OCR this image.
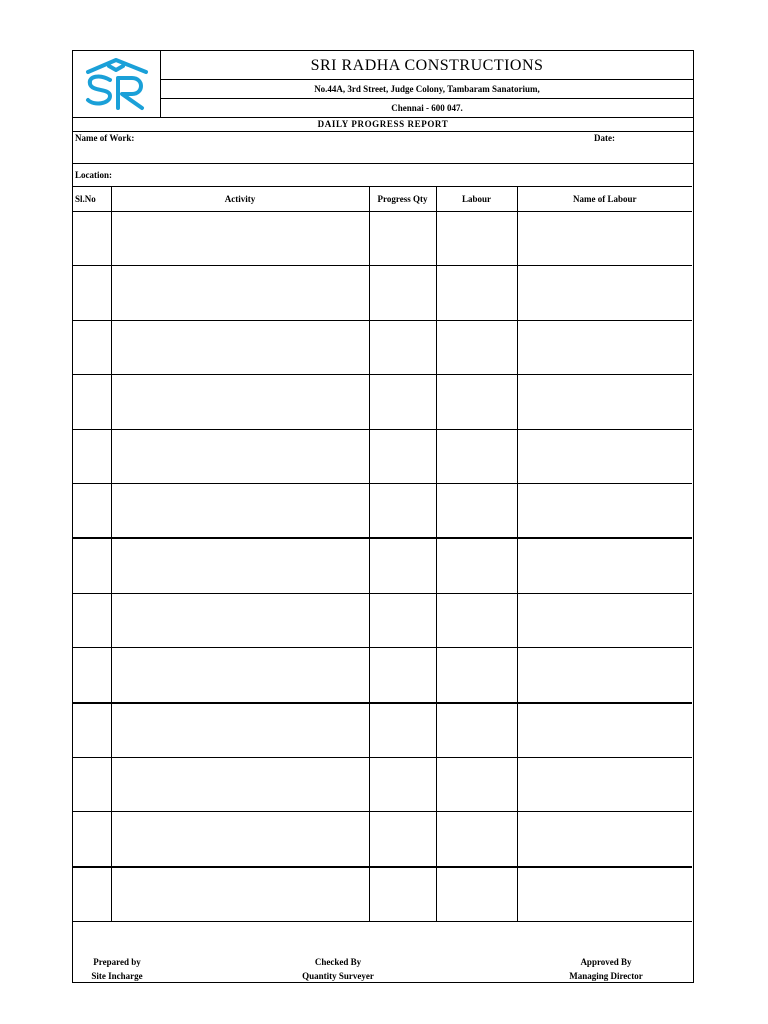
SRI RADHA CONSTRUCTIONS
No.44A, 3rd Street, Judge Colony, Tambaram Sanatorium,
Chennai - 600 047.
DAILY PROGRESS REPORT
Name of Work:	Date:
Location:
Sl.No	Activity	Progress Qty	Labour	Name of Labour

Prepared by
Site Incharge
Checked By
Quantity Surveyer
Approved By
Managing Director
